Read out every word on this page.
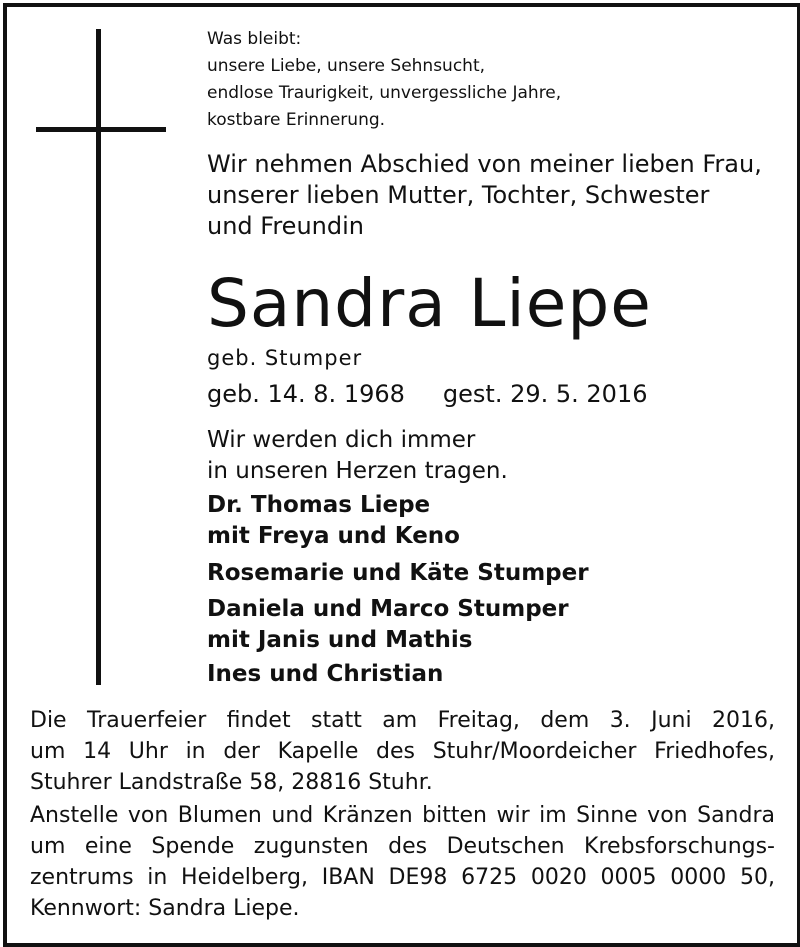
Was bleibt:
unsere Liebe, unsere Sehnsucht,
endlose Traurigkeit, unvergessliche Jahre,
kostbare Erinnerung.
Wir nehmen Abschied von meiner lieben Frau,
unserer lieben Mutter, Tochter, Schwester
und Freundin
Sandra Liepe
geb. Stumper
geb. 14. 8. 1968 gest. 29. 5. 2016
Wir werden dich immer
in unseren Herzen tragen.
Dr. Thomas Liepe
mit Freya und Keno
Rosemarie und Käte Stumper
Daniela und Marco Stumper
mit Janis und Mathis
Ines und Christian
Die Trauerfeier findet statt am Freitag, dem 3. Juni 2016,
um 14 Uhr in der Kapelle des Stuhr/Moordeicher Friedhofes,
Stuhrer Landstraße 58, 28816 Stuhr.
Anstelle von Blumen und Kränzen bitten wir im Sinne von Sandra
um eine Spende zugunsten des Deutschen Krebsforschungs-
zentrums in Heidelberg, IBAN DE98 6725 0020 0005 0000 50,
Kennwort: Sandra Liepe.
